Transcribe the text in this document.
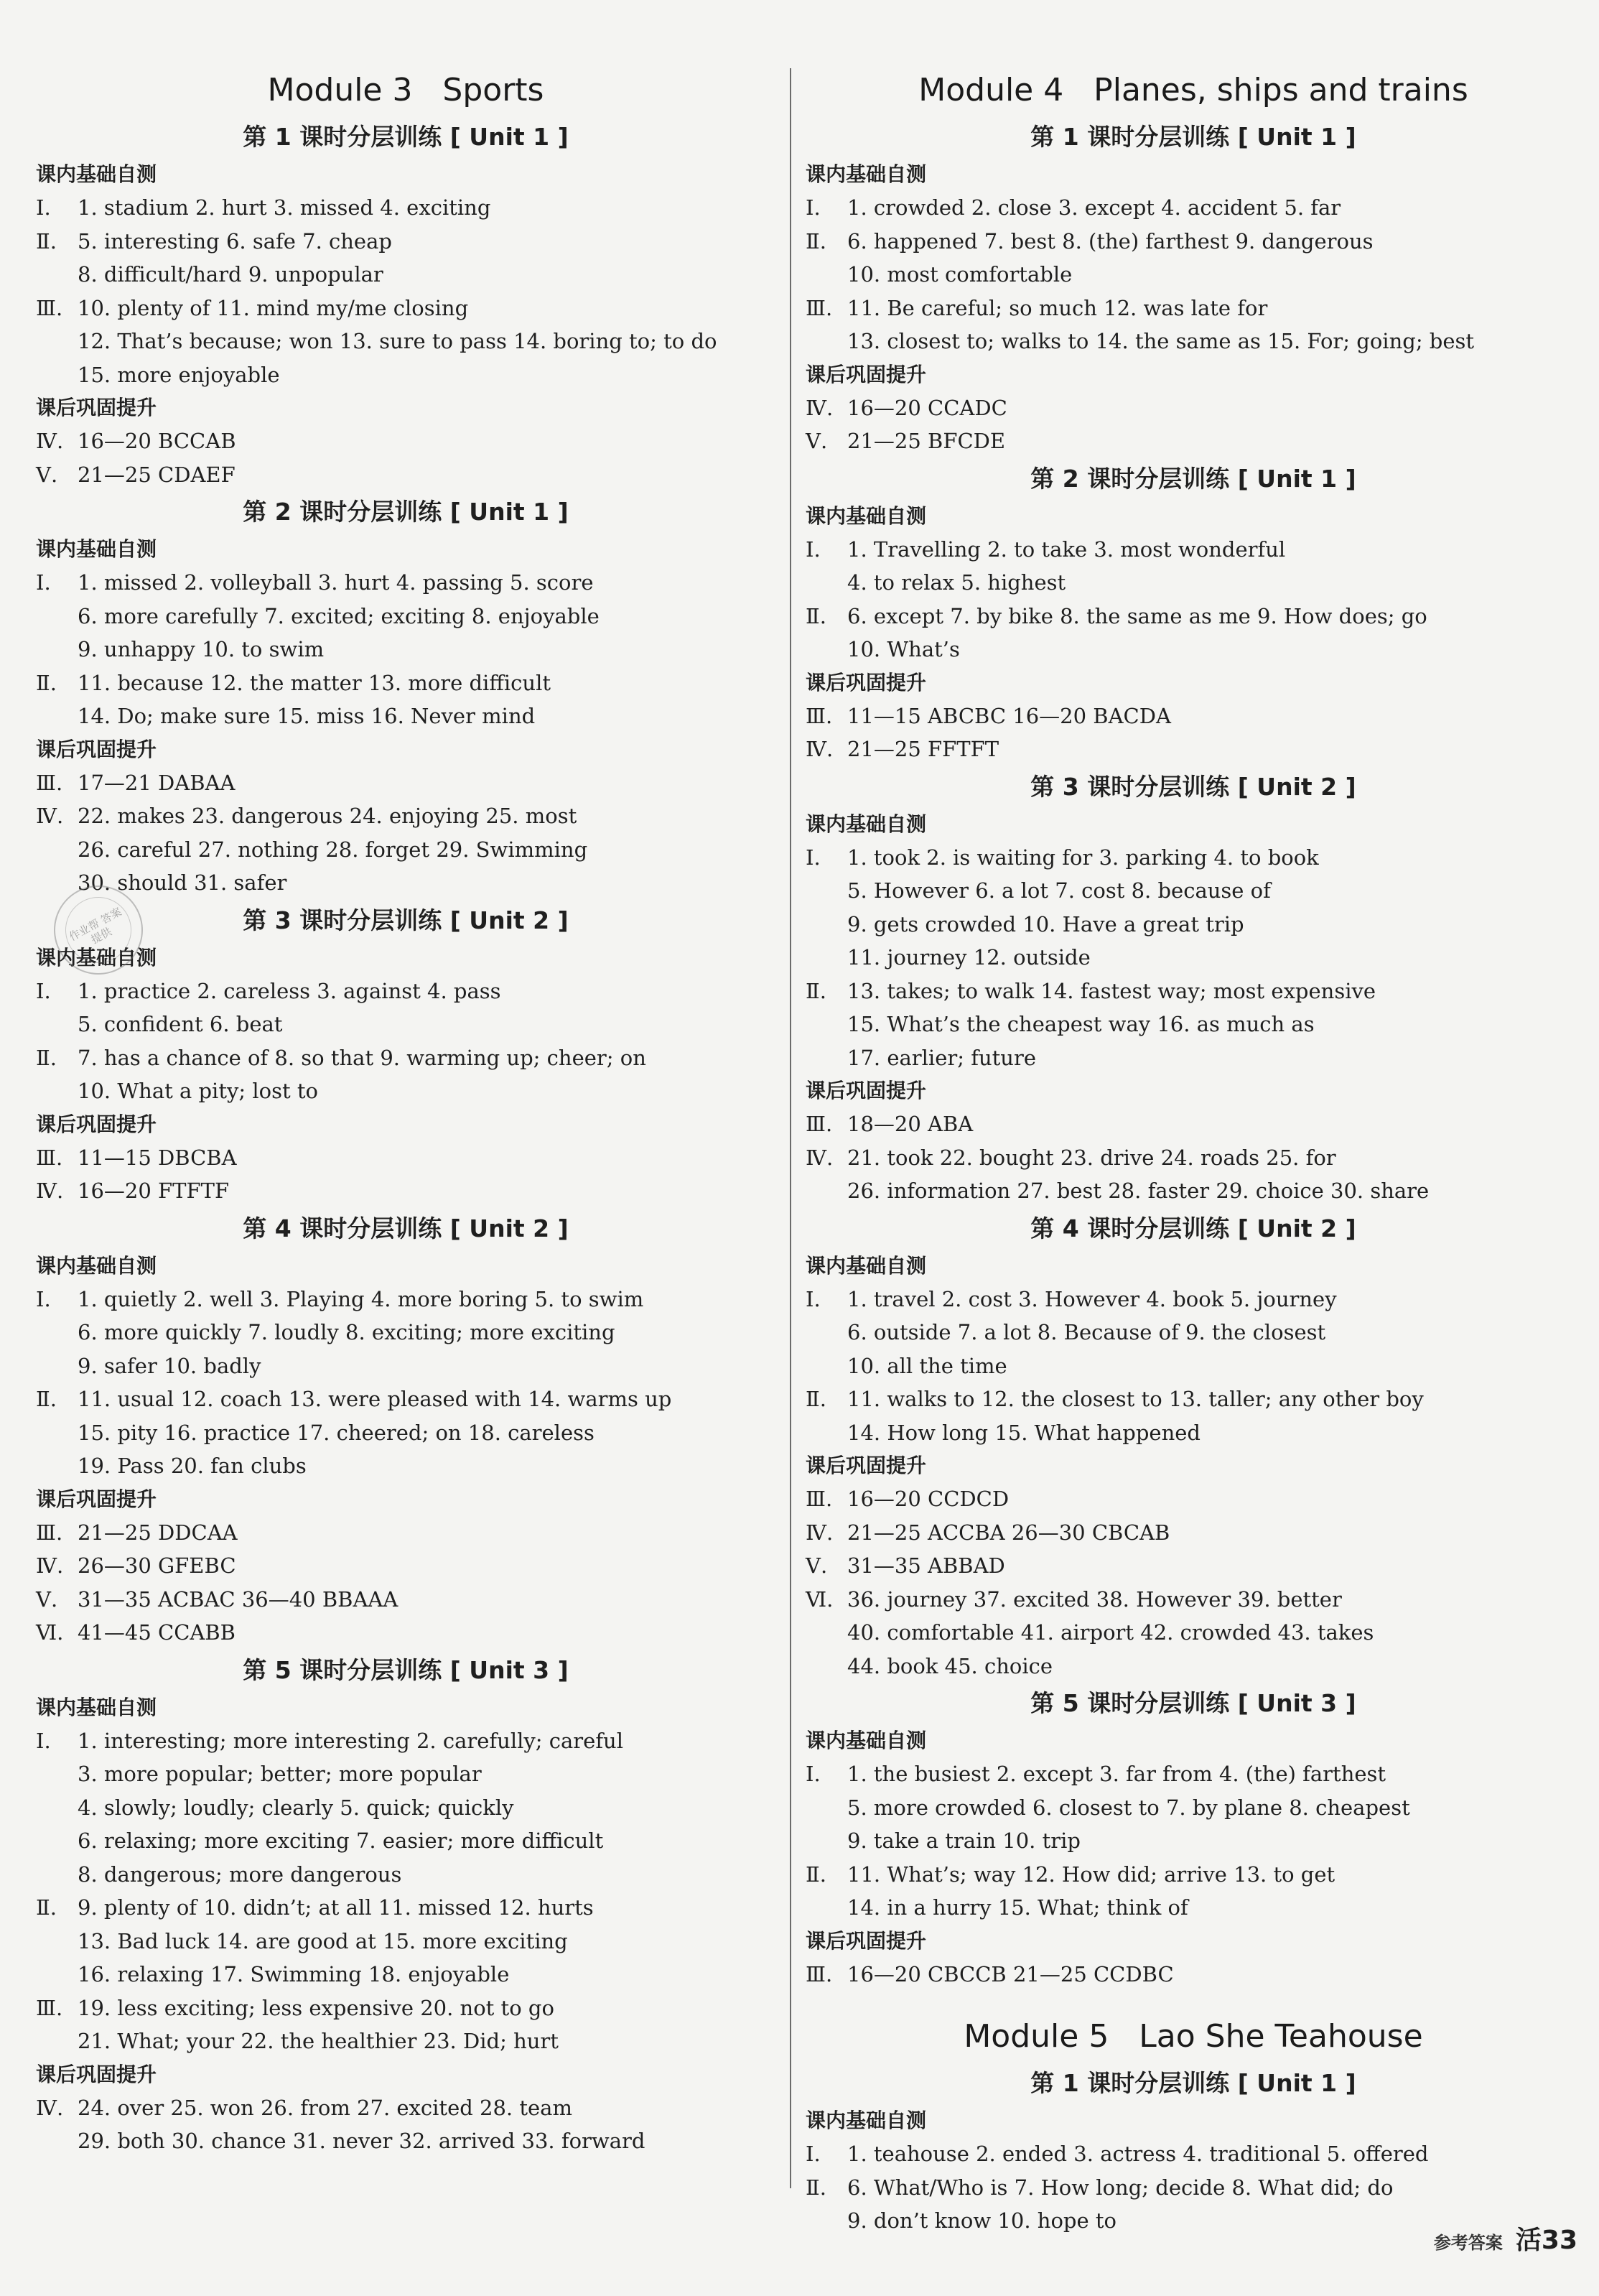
Module 3   Sports
第 1 课时分层训练 [ Unit 1 ]
课内基础自测
Ⅰ. 1. stadium 2. hurt 3. missed 4. exciting
Ⅱ. 5. interesting 6. safe 7. cheap
8. difficult/hard 9. unpopular
Ⅲ. 10. plenty of 11. mind my/me closing
12. That’s because; won 13. sure to pass 14. boring to; to do
15. more enjoyable
课后巩固提升
Ⅳ. 16—20 BCCAB
Ⅴ. 21—25 CDAEF
第 2 课时分层训练 [ Unit 1 ]
课内基础自测
Ⅰ. 1. missed 2. volleyball 3. hurt 4. passing 5. score
6. more carefully 7. excited; exciting 8. enjoyable
9. unhappy 10. to swim
Ⅱ. 11. because 12. the matter 13. more difficult
14. Do; make sure 15. miss 16. Never mind
课后巩固提升
Ⅲ. 17—21 DABAA
Ⅳ. 22. makes 23. dangerous 24. enjoying 25. most
26. careful 27. nothing 28. forget 29. Swimming
30. should 31. safer
第 3 课时分层训练 [ Unit 2 ]
课内基础自测
Ⅰ. 1. practice 2. careless 3. against 4. pass
5. confident 6. beat
Ⅱ. 7. has a chance of 8. so that 9. warming up; cheer; on
10. What a pity; lost to
课后巩固提升
Ⅲ. 11—15 DBCBA
Ⅳ. 16—20 FTFTF
第 4 课时分层训练 [ Unit 2 ]
课内基础自测
Ⅰ. 1. quietly 2. well 3. Playing 4. more boring 5. to swim
6. more quickly 7. loudly 8. exciting; more exciting
9. safer 10. badly
Ⅱ. 11. usual 12. coach 13. were pleased with 14. warms up
15. pity 16. practice 17. cheered; on 18. careless
19. Pass 20. fan clubs
课后巩固提升
Ⅲ. 21—25 DDCAA
Ⅳ. 26—30 GFEBC
Ⅴ. 31—35 ACBAC 36—40 BBAAA
Ⅵ. 41—45 CCABB
第 5 课时分层训练 [ Unit 3 ]
课内基础自测
Ⅰ. 1. interesting; more interesting 2. carefully; careful
3. more popular; better; more popular
4. slowly; loudly; clearly 5. quick; quickly
6. relaxing; more exciting 7. easier; more difficult
8. dangerous; more dangerous
Ⅱ. 9. plenty of 10. didn’t; at all 11. missed 12. hurts
13. Bad luck 14. are good at 15. more exciting
16. relaxing 17. Swimming 18. enjoyable
Ⅲ. 19. less exciting; less expensive 20. not to go
21. What; your 22. the healthier 23. Did; hurt
课后巩固提升
Ⅳ. 24. over 25. won 26. from 27. excited 28. team
29. both 30. chance 31. never 32. arrived 33. forward
Module 4   Planes, ships and trains
第 1 课时分层训练 [ Unit 1 ]
课内基础自测
Ⅰ. 1. crowded 2. close 3. except 4. accident 5. far
Ⅱ. 6. happened 7. best 8. (the) farthest 9. dangerous
10. most comfortable
Ⅲ. 11. Be careful; so much 12. was late for
13. closest to; walks to 14. the same as 15. For; going; best
课后巩固提升
Ⅳ. 16—20 CCADC
Ⅴ. 21—25 BFCDE
第 2 课时分层训练 [ Unit 1 ]
课内基础自测
Ⅰ. 1. Travelling 2. to take 3. most wonderful
4. to relax 5. highest
Ⅱ. 6. except 7. by bike 8. the same as me 9. How does; go
10. What’s
课后巩固提升
Ⅲ. 11—15 ABCBC 16—20 BACDA
Ⅳ. 21—25 FFTFT
第 3 课时分层训练 [ Unit 2 ]
课内基础自测
Ⅰ. 1. took 2. is waiting for 3. parking 4. to book
5. However 6. a lot 7. cost 8. because of
9. gets crowded 10. Have a great trip
11. journey 12. outside
Ⅱ. 13. takes; to walk 14. fastest way; most expensive
15. What’s the cheapest way 16. as much as
17. earlier; future
课后巩固提升
Ⅲ. 18—20 ABA
Ⅳ. 21. took 22. bought 23. drive 24. roads 25. for
26. information 27. best 28. faster 29. choice 30. share
第 4 课时分层训练 [ Unit 2 ]
课内基础自测
Ⅰ. 1. travel 2. cost 3. However 4. book 5. journey
6. outside 7. a lot 8. Because of 9. the closest
10. all the time
Ⅱ. 11. walks to 12. the closest to 13. taller; any other boy
14. How long 15. What happened
课后巩固提升
Ⅲ. 16—20 CCDCD
Ⅳ. 21—25 ACCBA 26—30 CBCAB
Ⅴ. 31—35 ABBAD
Ⅵ. 36. journey 37. excited 38. However 39. better
40. comfortable 41. airport 42. crowded 43. takes
44. book 45. choice
第 5 课时分层训练 [ Unit 3 ]
课内基础自测
Ⅰ. 1. the busiest 2. except 3. far from 4. (the) farthest
5. more crowded 6. closest to 7. by plane 8. cheapest
9. take a train 10. trip
Ⅱ. 11. What’s; way 12. How did; arrive 13. to get
14. in a hurry 15. What; think of
课后巩固提升
Ⅲ. 16—20 CBCCB 21—25 CCDBC
Module 5   Lao She Teahouse
第 1 课时分层训练 [ Unit 1 ]
课内基础自测
Ⅰ. 1. teahouse 2. ended 3. actress 4. traditional 5. offered
Ⅱ. 6. What/Who is 7. How long; decide 8. What did; do
9. don’t know 10. hope to
作业帮 答案 提供
参考答案 活33
